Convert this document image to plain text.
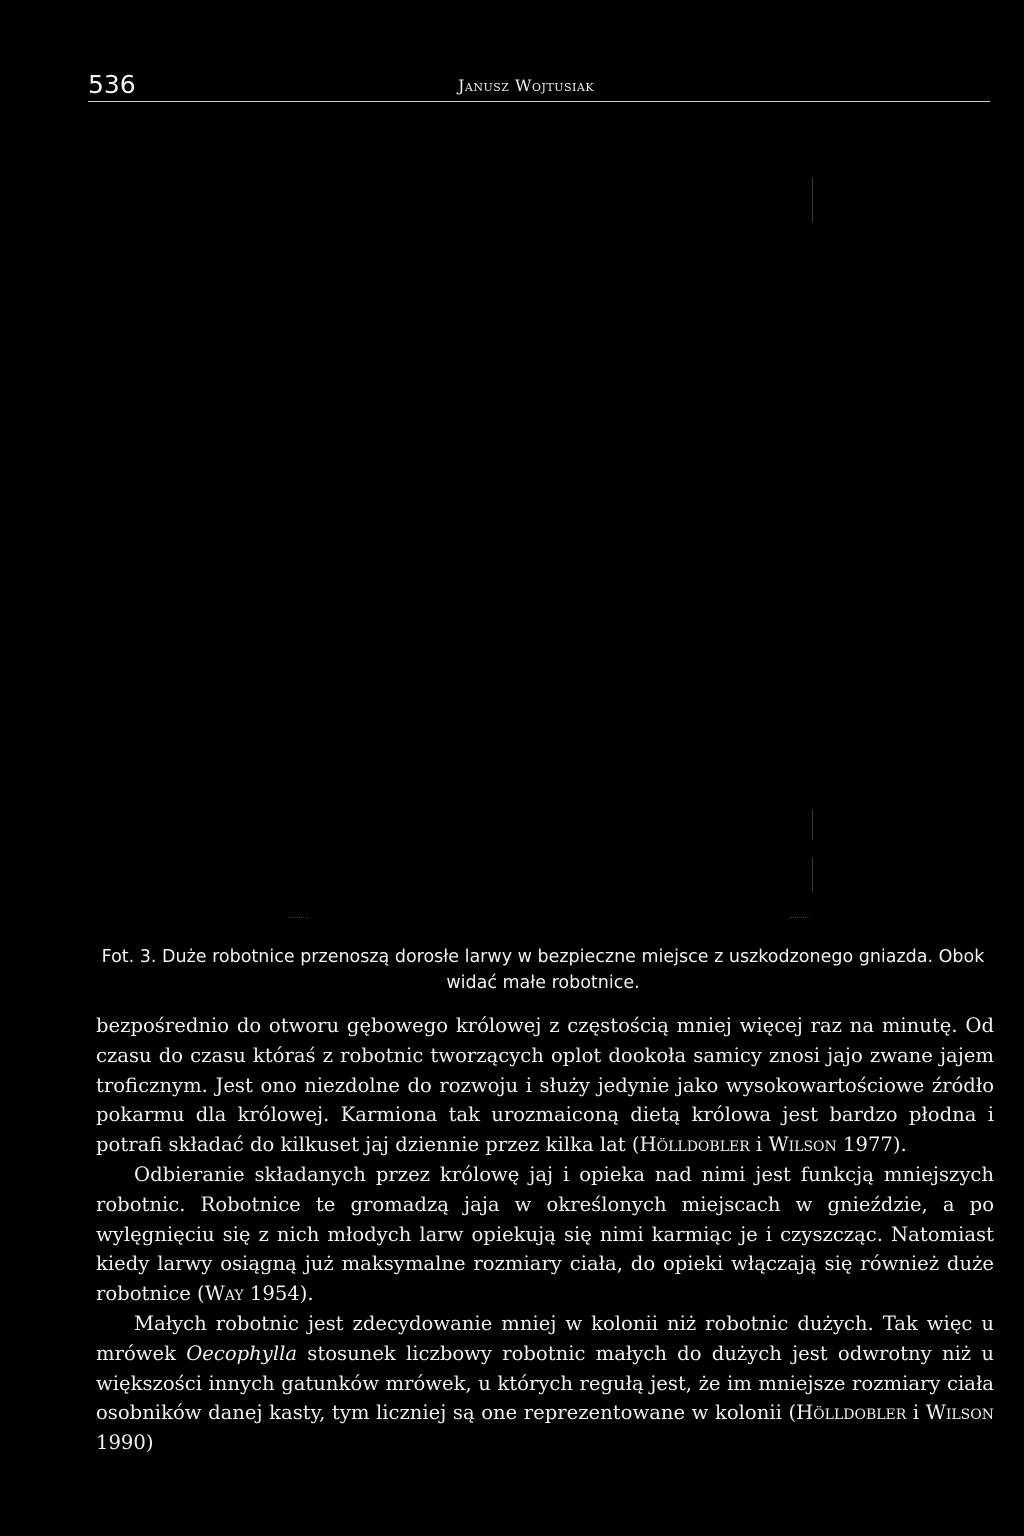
536	Janusz Wojtusiak
Fot. 3. Duże robotnice przenoszą dorosłe larwy w bezpieczne miejsce z uszkodzonego gniazda. Obok widać małe robotnice.

bezpośrednio do otworu gębowego królowej z częstością mniej więcej raz na minutę. Od czasu do czasu któraś z robotnic tworzących oplot dookoła samicy znosi jajo zwane jajem troficznym. Jest ono niezdolne do rozwoju i służy jedynie jako wysokowartościowe źródło pokarmu dla królowej. Karmiona tak urozmaiconą dietą królowa jest bardzo płodna i potrafi składać do kilkuset jaj dziennie przez kilka lat (Hölldobler i Wilson 1977).

Odbieranie składanych przez królowę jaj i opieka nad nimi jest funkcją mniejszych robotnic. Robotnice te gromadzą jaja w określonych miejscach w gnieździe, a po wylęgnięciu się z nich młodych larw opiekują się nimi karmiąc je i czyszcząc. Natomiast kiedy larwy osiągną już maksymalne rozmiary ciała, do opieki włączają się również duże robotnice (Way 1954).

Małych robotnic jest zdecydowanie mniej w kolonii niż robotnic dużych. Tak więc u mrówek Oecophylla stosunek liczbowy robotnic małych do dużych jest odwrotny niż u większości innych gatunków mrówek, u których regułą jest, że im mniejsze rozmiary ciała osobników danej kasty, tym liczniej są one reprezentowane w kolonii (Hölldobler i Wilson 1990)
